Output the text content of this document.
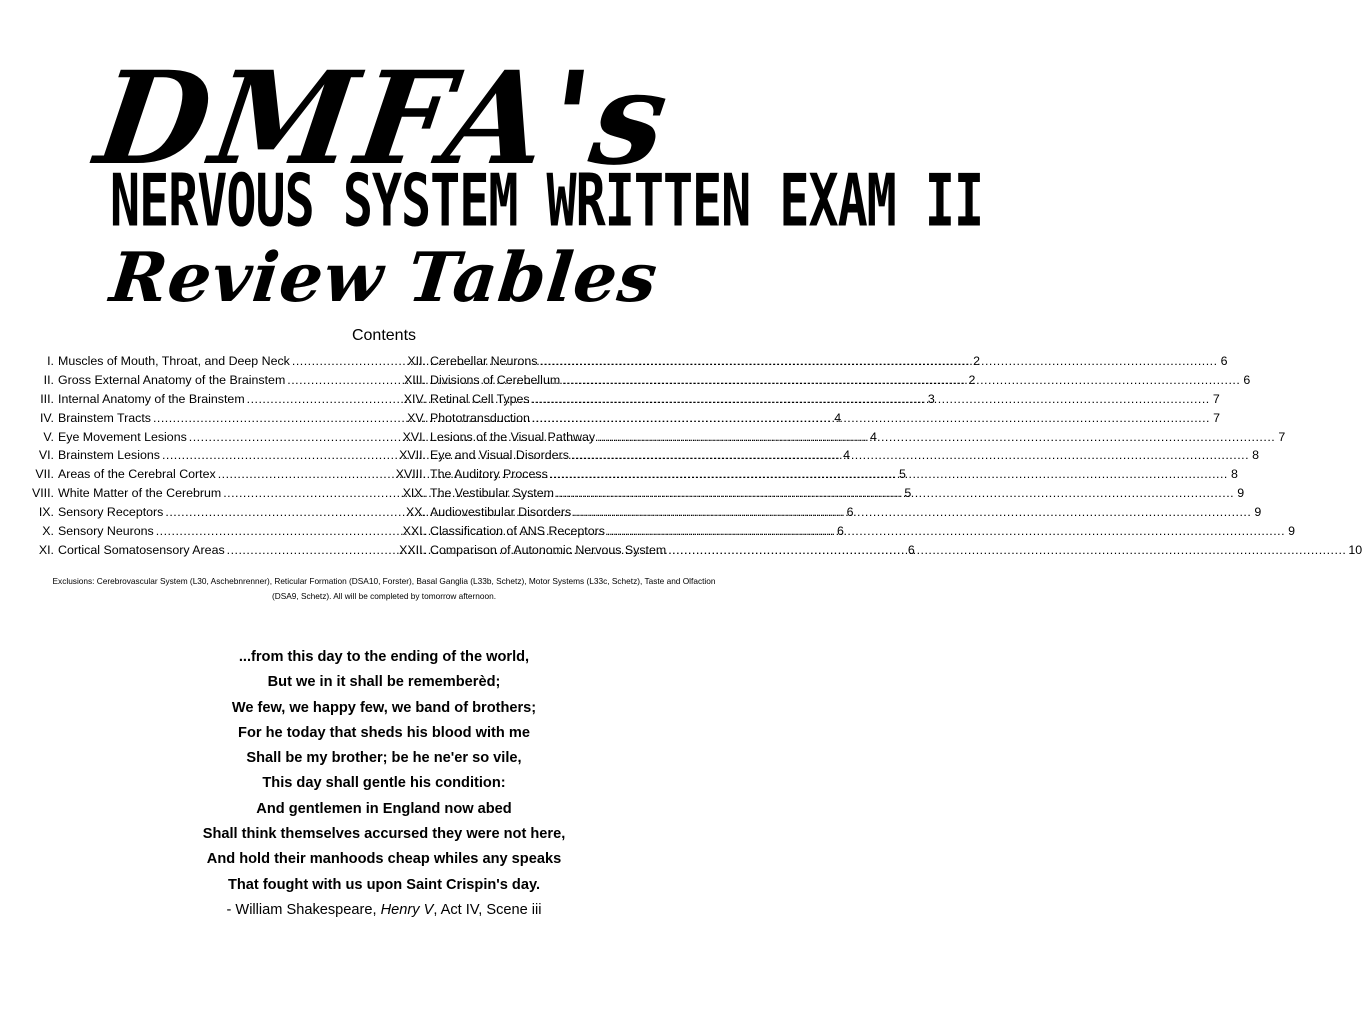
DMFA's
NERVOUS SYSTEM WRITTEN EXAM II
Review Tables
Contents
I. Muscles of Mouth, Throat, and Deep Neck .....	2
II. Gross External Anatomy of the Brainstem .....	2
III. Internal Anatomy of the Brainstem .....	3
IV. Brainstem Tracts .....	4
V. Eye Movement Lesions .....	4
VI. Brainstem Lesions .....	4
VII. Areas of the Cerebral Cortex .....	5
VIII. White Matter of the Cerebrum .....	5
IX. Sensory Receptors .....	6
X. Sensory Neurons .....	6
XI. Cortical Somatosensory Areas .....	6
XII. Cerebellar Neurons .....	6
XIII. Divisions of Cerebellum .....	6
XIV. Retinal Cell Types .....	7
XV. Phototransduction .....	7
XVI. Lesions of the Visual Pathway .....	7
XVII. Eye and Visual Disorders .....	8
XVIII. The Auditory Process .....	8
XIX. The Vestibular System .....	9
XX. Audiovestibular Disorders .....	9
XXI. Classification of ANS Receptors .....	9
XXII. Comparison of Autonomic Nervous System .....	10
Exclusions: Cerebrovascular System (L30, Aschebnrenner), Reticular Formation (DSA10, Forster), Basal Ganglia (L33b, Schetz), Motor Systems (L33c, Schetz), Taste and Olfaction
(DSA9, Schetz). All will be completed by tomorrow afternoon.
...from this day to the ending of the world,
But we in it shall be rememberèd;
We few, we happy few, we band of brothers;
For he today that sheds his blood with me
Shall be my brother; be he ne'er so vile,
This day shall gentle his condition:
And gentlemen in England now abed
Shall think themselves accursed they were not here,
And hold their manhoods cheap whiles any speaks
That fought with us upon Saint Crispin's day.
- William Shakespeare, Henry V, Act IV, Scene iii
